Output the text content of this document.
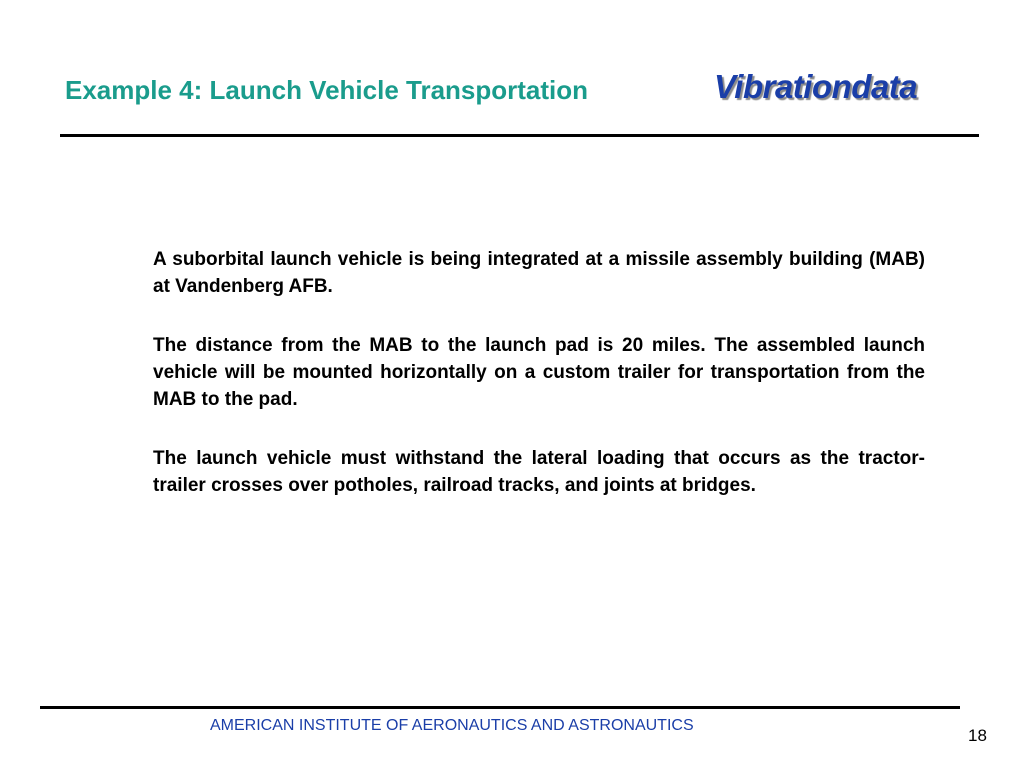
Example 4: Launch Vehicle Transportation	Vibrationdata

A suborbital launch vehicle is being integrated at a missile assembly building (MAB) at Vandenberg AFB.

The distance from the MAB to the launch pad is 20 miles. The assembled launch vehicle will be mounted horizontally on a custom trailer for transportation from the MAB to the pad.

The launch vehicle must withstand the lateral loading that occurs as the tractor-trailer crosses over potholes, railroad tracks, and joints at bridges.

AMERICAN INSTITUTE OF AERONAUTICS AND ASTRONAUTICS
18
